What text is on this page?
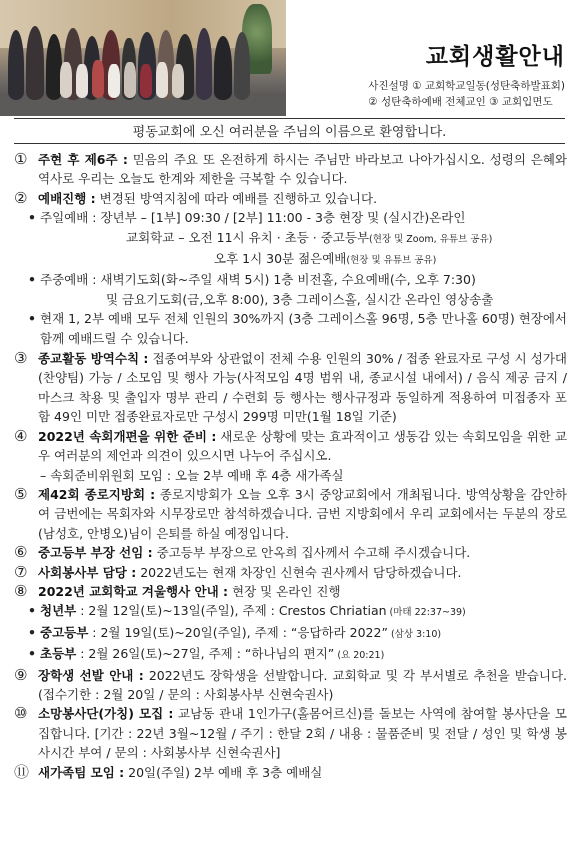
교회생활안내
사진설명 ① 교회학교일동(성탄축하발표회)
② 성탄축하예배 전체교인 ③ 교회입면도
평동교회에 오신 여러분을 주님의 이름으로 환영합니다.
① 주현 후 제6주 : 믿음의 주요 또 온전하게 하시는 주님만 바라보고 나아가십시오. 성령의 은혜와 역사로 우리는 오늘도 한계와 제한을 극복할 수 있습니다.
② 예배진행 : 변경된 방역지침에 따라 예배를 진행하고 있습니다.
• 주일예배 : 장년부 – [1부] 09:30 / [2부] 11:00 - 3층 현장 및 (실시간)온라인
교회학교 – 오전 11시 유치 · 초등 · 중고등부(현장 및 Zoom, 유튜브 공유)
오후 1시 30분 젊은예배(현장 및 유튜브 공유)
• 주중예배 : 새벽기도회(화~주일 새벽 5시) 1층 비전홀, 수요예배(수, 오후 7:30)
및 금요기도회(금,오후 8:00), 3층 그레이스홀, 실시간 온라인 영상송출
• 현재 1, 2부 예배 모두 전체 인원의 30%까지 (3층 그레이스홀 96명, 5층 만나홀 60명) 현장에서 함께 예배드릴 수 있습니다.
③ 종교활동 방역수칙 : 접종여부와 상관없이 전체 수용 인원의 30% / 접종 완료자로 구성 시 성가대(찬양팀) 가능 / 소모임 및 행사 가능(사적모임 4명 범위 내, 종교시설 내에서) / 음식 제공 금지 / 마스크 착용 및 출입자 명부 관리 / 수련회 등 행사는 행사규정과 동일하게 적용하여 미접종자 포함 49인 미만 접종완료자로만 구성시 299명 미만(1월 18일 기준)
④ 2022년 속회개편을 위한 준비 : 새로운 상황에 맞는 효과적이고 생동감 있는 속회모임을 위한 교우 여러분의 제언과 의견이 있으시면 나누어 주십시오.
– 속회준비위원회 모임 : 오늘 2부 예배 후 4층 새가족실
⑤ 제42회 종로지방회 : 종로지방회가 오늘 오후 3시 중앙교회에서 개최됩니다. 방역상황을 감안하여 금번에는 목회자와 시무장로만 참석하겠습니다. 금번 지방회에서 우리 교회에서는 두분의 장로(남성호, 안병오)님이 은퇴를 하실 예정입니다.
⑥ 중고등부 부장 선임 : 중고등부 부장으로 안옥희 집사께서 수고해 주시겠습니다.
⑦ 사회봉사부 담당 : 2022년도는 현재 차장인 신현숙 권사께서 담당하겠습니다.
⑧ 2022년 교회학교 겨울행사 안내 : 현장 및 온라인 진행
• 청년부 : 2월 12일(토)~13일(주일), 주제 : Crestos Chriatian (마태 22:37~39)
• 중고등부 : 2월 19일(토)~20일(주일), 주제 : “응답하라 2022” (삼상 3:10)
• 초등부 : 2월 26일(토)~27일, 주제 : “하나님의 편지” (요 20:21)
⑨ 장학생 선발 안내 : 2022년도 장학생을 선발합니다. 교회학교 및 각 부서별로 추천을 받습니다.(접수기한 : 2월 20일 / 문의 : 사회봉사부 신현숙권사)
⑩ 소망봉사단(가칭) 모집 : 교남동 관내 1인가구(홀몸어르신)를 돌보는 사역에 참여할 봉사단을 모집합니다. [기간 : 22년 3월~12월 / 주기 : 한달 2회 / 내용 : 물품준비 및 전달 / 성인 및 학생 봉사시간 부여 / 문의 : 사회봉사부 신현숙권사]
⑪ 새가족팀 모임 : 20일(주일) 2부 예배 후 3층 예배실
